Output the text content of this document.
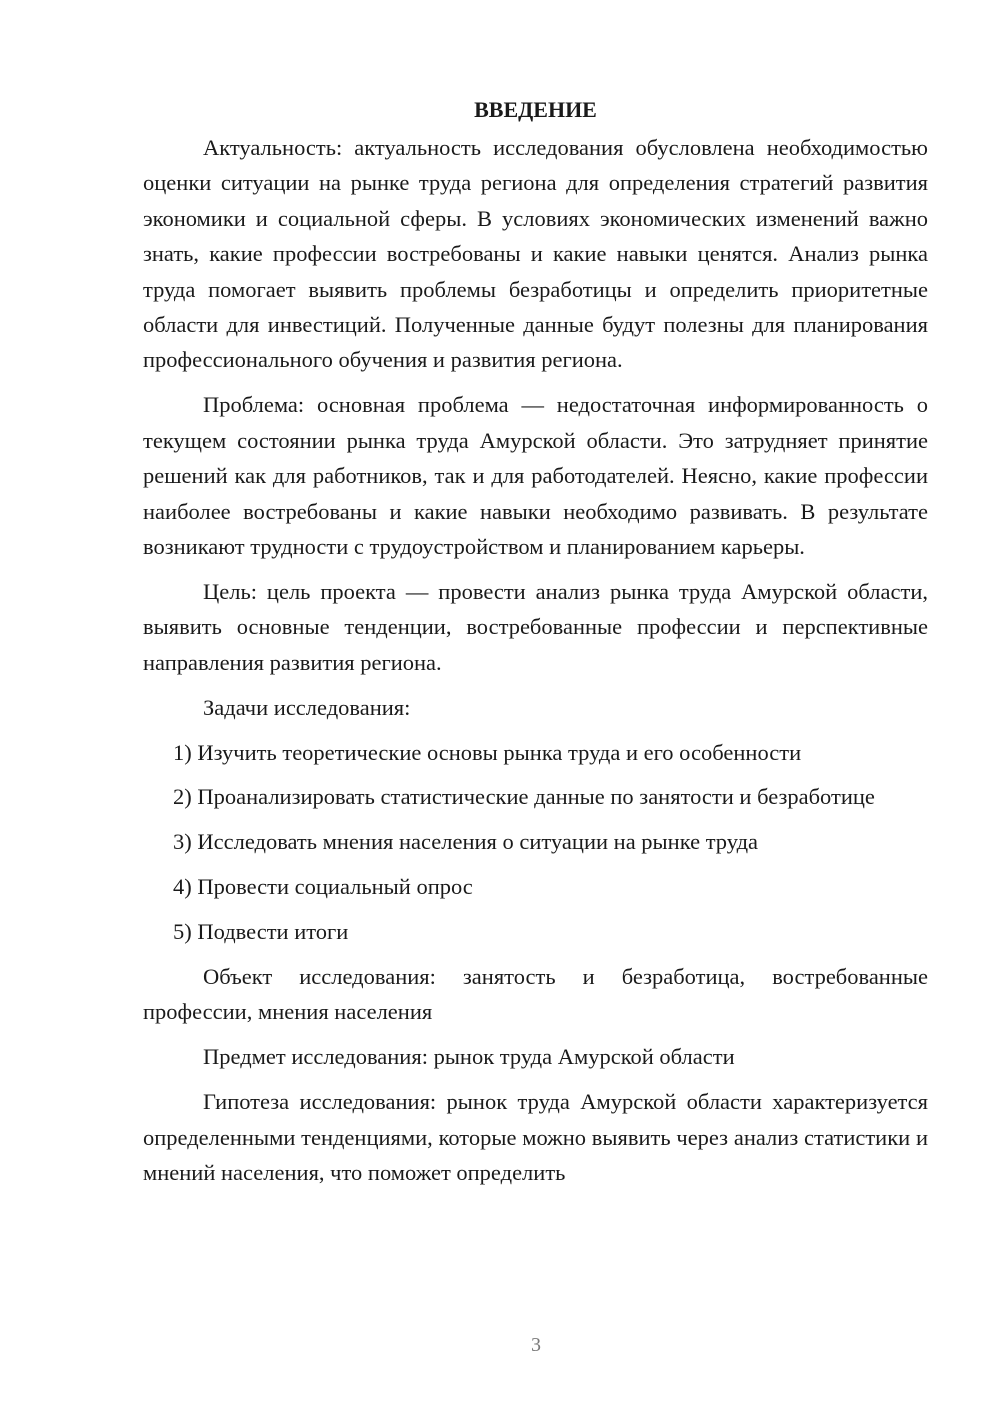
ВВЕДЕНИЕ

Актуальность: актуальность исследования обусловлена необходимостью оценки ситуации на рынке труда региона для определения стратегий развития экономики и социальной сферы. В условиях экономических изменений важно знать, какие профессии востребованы и какие навыки ценятся. Анализ рынка труда помогает выявить проблемы безработицы и определить приоритетные области для инвестиций. Полученные данные будут полезны для планирования профессионального обучения и развития региона.

Проблема: основная проблема — недостаточная информированность о текущем состоянии рынка труда Амурской области. Это затрудняет принятие решений как для работников, так и для работодателей. Неясно, какие профессии наиболее востребованы и какие навыки необходимо развивать. В результате возникают трудности с трудоустройством и планированием карьеры.

Цель: цель проекта — провести анализ рынка труда Амурской области, выявить основные тенденции, востребованные профессии и перспективные направления развития региона.

Задачи исследования:

1) Изучить теоретические основы рынка труда и его особенности

2) Проанализировать статистические данные по занятости и безработице

3) Исследовать мнения населения о ситуации на рынке труда

4) Провести социальный опрос

5) Подвести итоги

Объект исследования: занятость и безработица, востребованные профессии, мнения населения

Предмет исследования: рынок труда Амурской области

Гипотеза исследования: рынок труда Амурской области характеризуется определенными тенденциями, которые можно выявить через анализ статистики и мнений населения, что поможет определить

3
